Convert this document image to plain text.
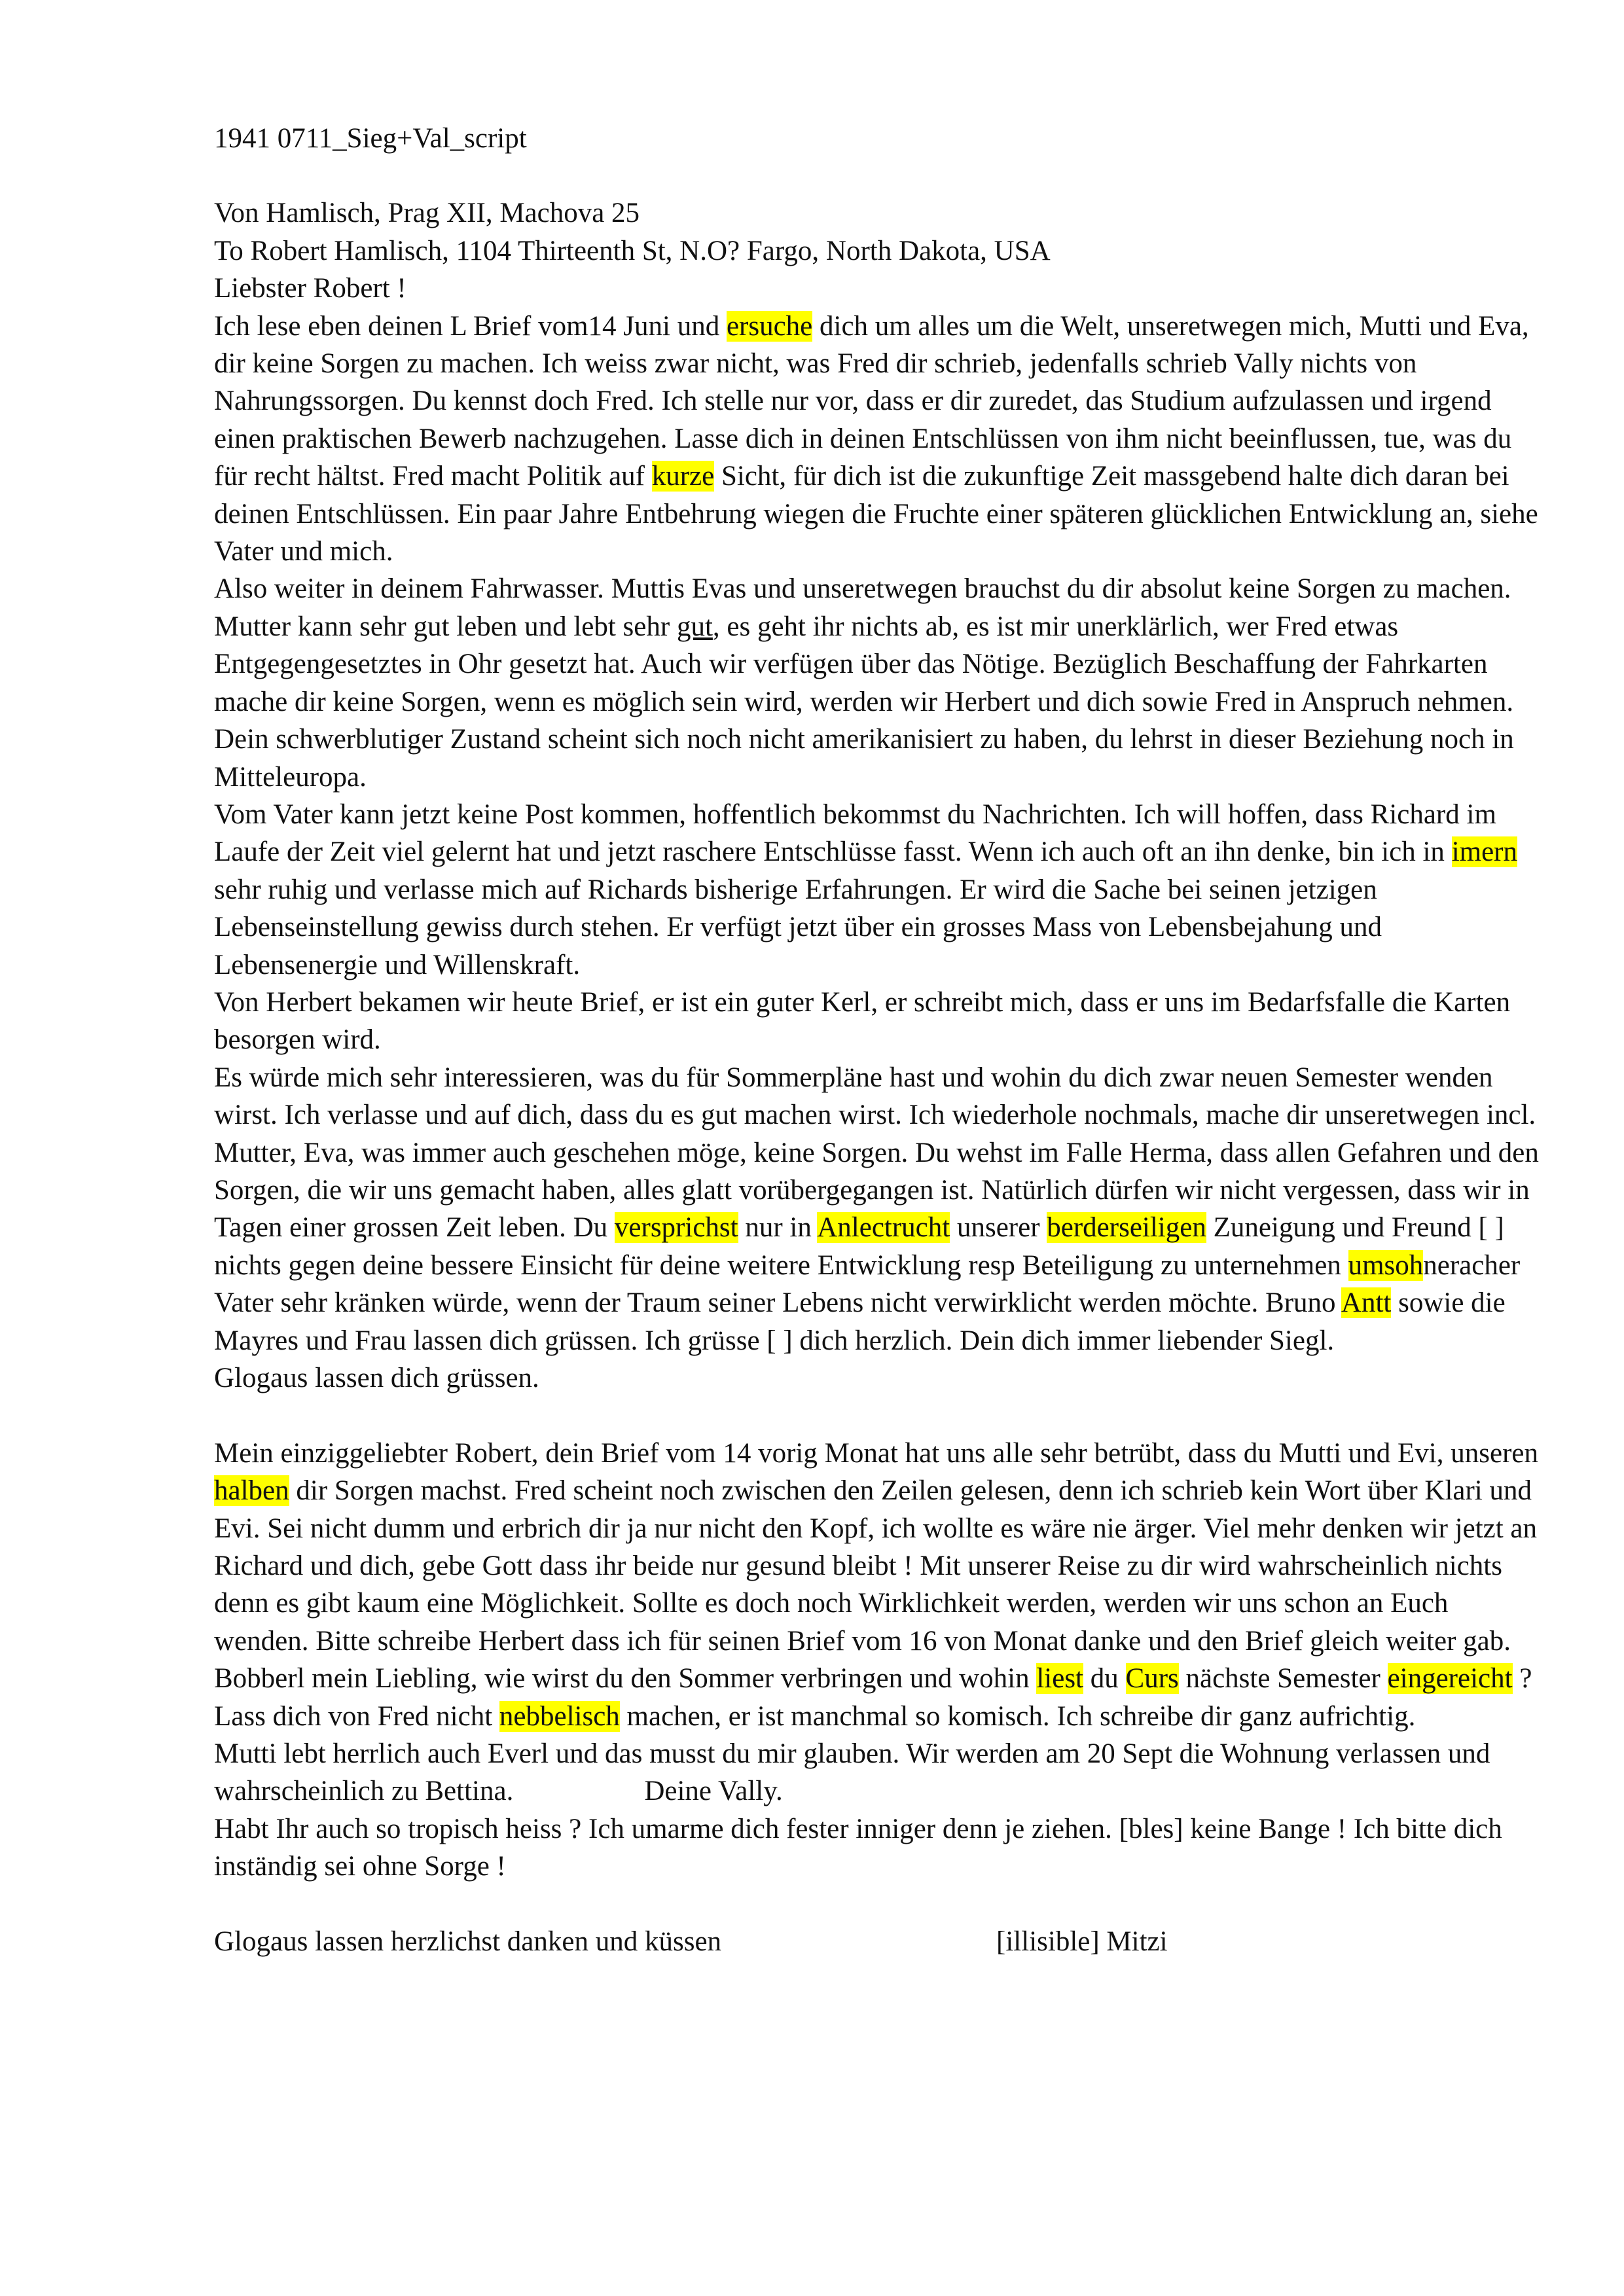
1941 0711_Sieg+Val_script

Von Hamlisch, Prag XII, Machova 25

To Robert Hamlisch, 1104 Thirteenth St, N.O? Fargo, North Dakota, USA

Liebster Robert !

Ich lese eben deinen L Brief vom14 Juni und ersuche dich um alles um die Welt, unseretwegen mich, Mutti und Eva, dir keine Sorgen zu machen. Ich weiss zwar nicht, was Fred dir schrieb, jedenfalls schrieb Vally nichts von Nahrungssorgen. Du kennst doch Fred. Ich stelle nur vor, dass er dir zuredet, das Studium aufzulassen und irgend einen praktischen Bewerb nachzugehen. Lasse dich in deinen Entschlüssen von ihm nicht beeinflussen, tue, was du für recht hältst. Fred macht Politik auf kurze Sicht, für dich ist die zukunftige Zeit massgebend halte dich daran bei deinen Entschlüssen. Ein paar Jahre Entbehrung wiegen die Fruchte einer späteren glücklichen Entwicklung an, siehe Vater und mich.

Also weiter in deinem Fahrwasser. Muttis Evas und unseretwegen brauchst du dir absolut keine Sorgen zu machen. Mutter kann sehr gut leben und lebt sehr gut, es geht ihr nichts ab, es ist mir unerklärlich, wer Fred etwas Entgegengesetztes in Ohr gesetzt hat. Auch wir verfügen über das Nötige. Bezüglich Beschaffung der Fahrkarten mache dir keine Sorgen, wenn es möglich sein wird, werden wir Herbert und dich sowie Fred in Anspruch nehmen. Dein schwerblutiger Zustand scheint sich noch nicht amerikanisiert zu haben, du lehrst in dieser Beziehung noch in Mitteleuropa.

Vom Vater kann jetzt keine Post kommen, hoffentlich bekommst du Nachrichten. Ich will hoffen, dass Richard im Laufe der Zeit viel gelernt hat und jetzt raschere Entschlüsse fasst. Wenn ich auch oft an ihn denke, bin ich in imern sehr ruhig und verlasse mich auf Richards bisherige Erfahrungen. Er wird die Sache bei seinen jetzigen Lebenseinstellung gewiss durch stehen. Er verfügt jetzt über ein grosses Mass von Lebensbejahung und Lebensenergie und Willenskraft.

Von Herbert bekamen wir heute Brief, er ist ein guter Kerl, er schreibt mich, dass er uns im Bedarfsfalle die Karten besorgen wird.

Es würde mich sehr interessieren, was du für Sommerpläne hast und wohin du dich zwar neuen Semester wenden wirst. Ich verlasse und auf dich, dass du es gut machen wirst. Ich wiederhole nochmals, mache dir unseretwegen incl. Mutter, Eva, was immer auch geschehen möge, keine Sorgen. Du wehst im Falle Herma, dass allen Gefahren und den Sorgen, die wir uns gemacht haben, alles glatt vorübergegangen ist. Natürlich dürfen wir nicht vergessen, dass wir in Tagen einer grossen Zeit leben. Du versprichst nur in Anlectrucht unserer berderseiligen Zuneigung und Freund [ ] nichts gegen deine bessere Einsicht für deine weitere Entwicklung resp Beteiligung zu unternehmen umsohneracher Vater sehr kränken würde, wenn der Traum seiner Lebens nicht verwirklicht werden möchte. Bruno Antt sowie die Mayres und Frau lassen dich grüssen. Ich grüsse [ ] dich herzlich. Dein dich immer liebender Siegl.

Glogaus lassen dich grüssen.

Mein einziggeliebter Robert, dein Brief vom 14 vorig Monat hat uns alle sehr betrübt, dass du Mutti und Evi, unseren halben dir Sorgen machst. Fred scheint noch zwischen den Zeilen gelesen, denn ich schrieb kein Wort über Klari und Evi. Sei nicht dumm und erbrich dir ja nur nicht den Kopf, ich wollte es wäre nie ärger. Viel mehr denken wir jetzt an Richard und dich, gebe Gott dass ihr beide nur gesund bleibt ! Mit unserer Reise zu dir wird wahrscheinlich nichts denn es gibt kaum eine Möglichkeit. Sollte es doch noch Wirklichkeit werden, werden wir uns schon an Euch wenden. Bitte schreibe Herbert dass ich für seinen Brief vom 16 von Monat danke und den Brief gleich weiter gab.

Bobberl mein Liebling, wie wirst du den Sommer verbringen und wohin liest du Curs nächste Semester eingereicht ? Lass dich von Fred nicht nebbelisch machen, er ist manchmal so komisch. Ich schreibe dir ganz aufrichtig.

Mutti lebt herrlich auch Everl und das musst du mir glauben. Wir werden am 20 Sept die Wohnung verlassen und wahrscheinlich zu Bettina.	Deine Vally.

Habt Ihr auch so tropisch heiss ? Ich umarme dich fester inniger denn je ziehen. [bles] keine Bange ! Ich bitte dich inständig sei ohne Sorge !

Glogaus lassen herzlichst danken und küssen	[illisible] Mitzi
